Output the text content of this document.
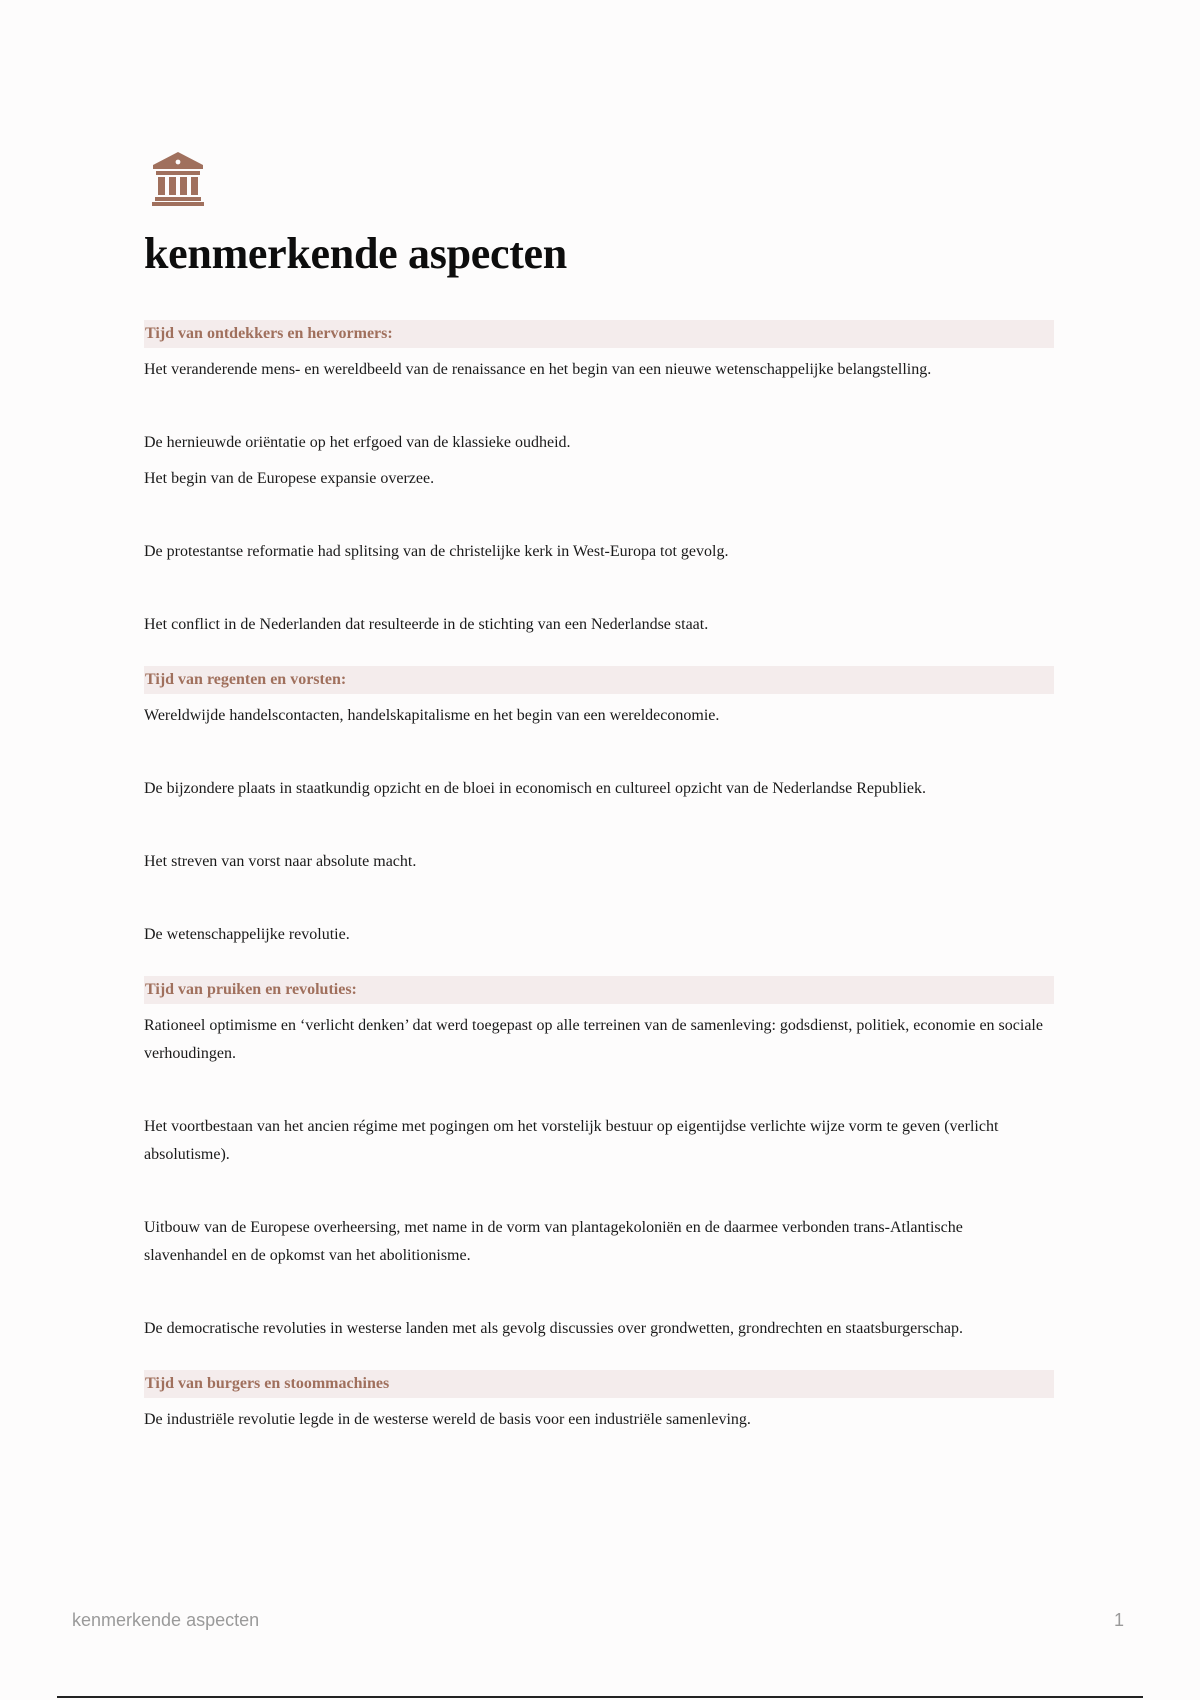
kenmerkende aspecten
Tijd van ontdekkers en hervormers:

Het veranderende mens- en wereldbeeld van de renaissance en het begin van een nieuwe wetenschappelijke belangstelling.

De hernieuwde oriëntatie op het erfgoed van de klassieke oudheid.

Het begin van de Europese expansie overzee.

De protestantse reformatie had splitsing van de christelijke kerk in West-Europa tot gevolg.

Het conflict in de Nederlanden dat resulteerde in de stichting van een Nederlandse staat.

Tijd van regenten en vorsten:

Wereldwijde handelscontacten, handelskapitalisme en het begin van een wereldeconomie.

De bijzondere plaats in staatkundig opzicht en de bloei in economisch en cultureel opzicht van de Nederlandse Republiek.

Het streven van vorst naar absolute macht.

De wetenschappelijke revolutie.

Tijd van pruiken en revoluties:

Rationeel optimisme en ‘verlicht denken’ dat werd toegepast op alle terreinen van de samenleving: godsdienst, politiek, economie en sociale verhoudingen.

Het voortbestaan van het ancien régime met pogingen om het vorstelijk bestuur op eigentijdse verlichte wijze vorm te geven (verlicht absolutisme).

Uitbouw van de Europese overheersing, met name in de vorm van plantagekoloniën en de daarmee verbonden trans-Atlantische slavenhandel en de opkomst van het abolitionisme.

De democratische revoluties in westerse landen met als gevolg discussies over grondwetten, grondrechten en staatsburgerschap.

Tijd van burgers en stoommachines

De industriële revolutie legde in de westerse wereld de basis voor een industriële samenleving.

kenmerkende aspecten	1
